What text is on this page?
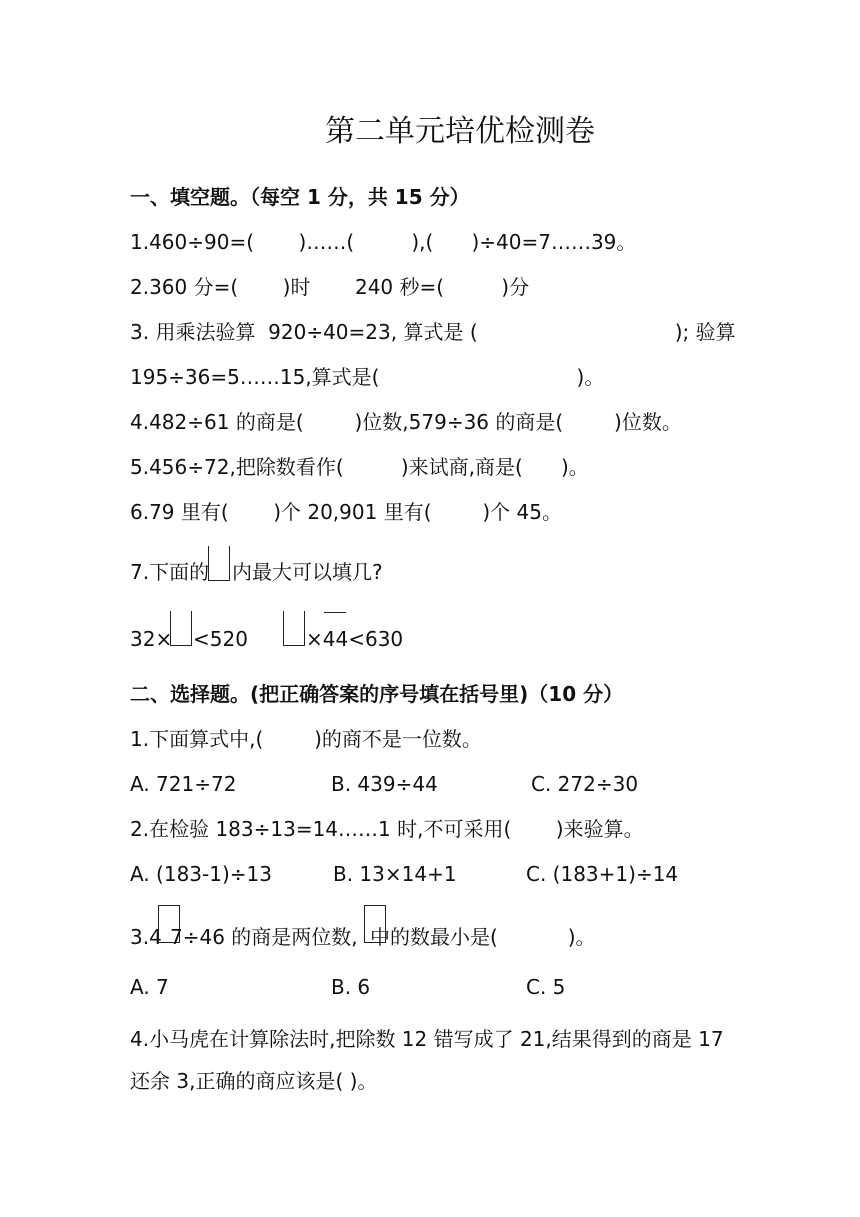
第二单元培优检测卷
一、填空题。（每空 1 分，共 15 分）
1.460÷90=(       )……(         ),(      )÷40=7……39。
2.360 分=(       )时       240 秒=(         )分
3. 用乘法验算  920÷40=23, 算式是 (                               ); 验算
195÷36=5……15,算式是(                               )。
4.482÷61 的商是(        )位数,579÷36 的商是(        )位数。
5.456÷72,把除数看作(         )来试商,商是(      )。
6.79 里有(       )个 20,901 里有(        )个 45。
7.下面的 内最大可以填几?
32× <520	×44<630
二、选择题。(把正确答案的序号填在括号里)（10 分）
1.下面算式中,(        )的商不是一位数。
A. 721÷72	B. 439÷44	C. 272÷30
2.在检验 183÷13=14……1 时,不可采用(       )来验算。
A. (183-1)÷13	B. 13×14+1	C. (183+1)÷14
3.4 7÷46 的商是两位数, 中的数最小是(           )。
A. 7	B. 6	C. 5
4.小马虎在计算除法时,把除数 12 错写成了 21,结果得到的商是 17
还余 3,正确的商应该是( )。
